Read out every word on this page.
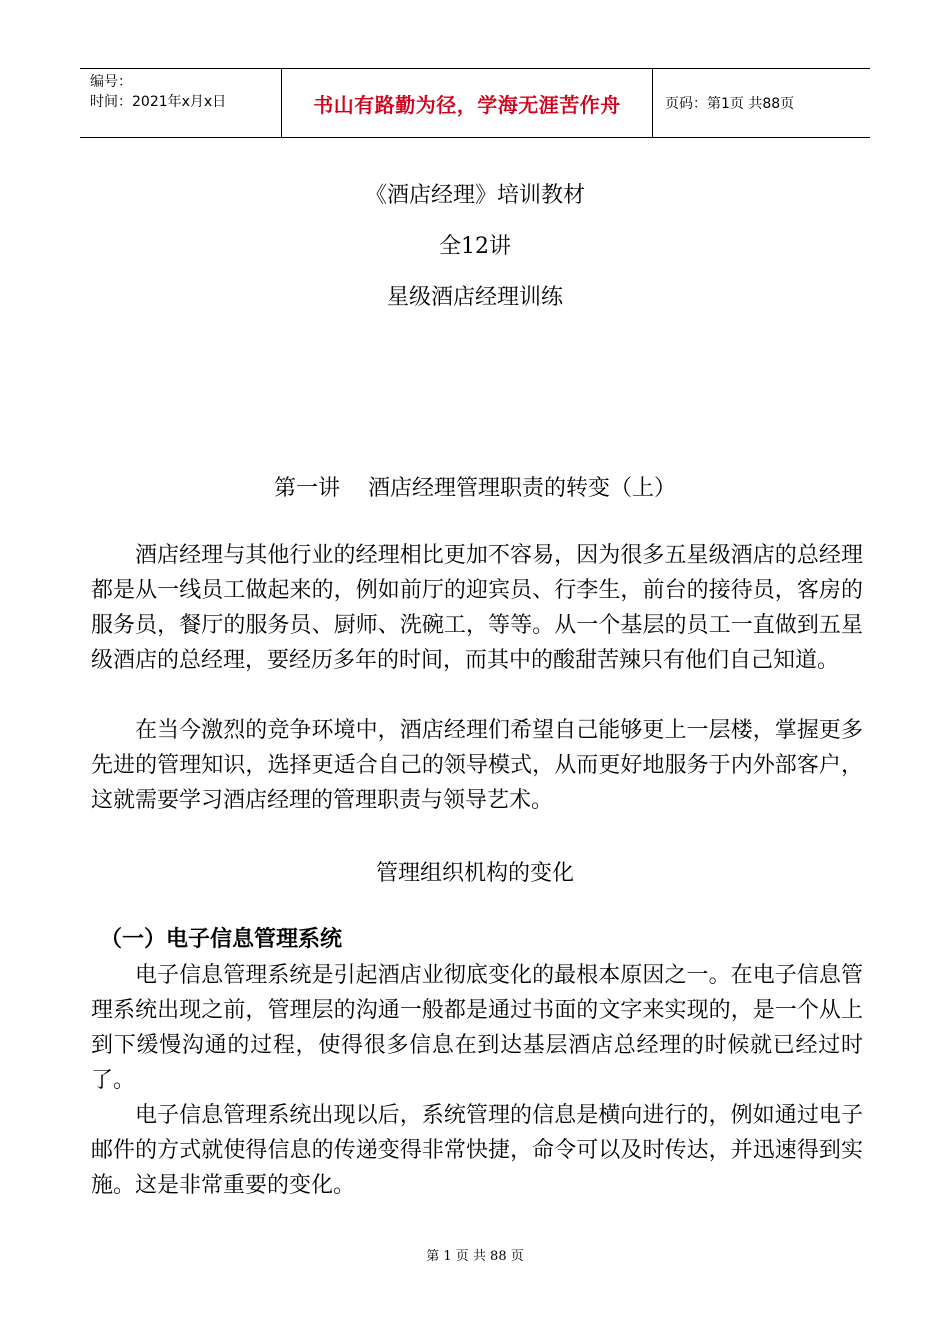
编号：
时间：2021年x月x日	书山有路勤为径，学海无涯苦作舟	页码：第1页 共88页
《酒店经理》培训教材
全12讲
星级酒店经理训练
第一讲    酒店经理管理职责的转变（上）

酒店经理与其他行业的经理相比更加不容易，因为很多五星级酒店的总经理都是从一线员工做起来的，例如前厅的迎宾员、行李生，前台的接待员，客房的服务员，餐厅的服务员、厨师、洗碗工，等等。从一个基层的员工一直做到五星级酒店的总经理，要经历多年的时间，而其中的酸甜苦辣只有他们自己知道。

在当今激烈的竞争环境中，酒店经理们希望自己能够更上一层楼，掌握更多先进的管理知识，选择更适合自己的领导模式，从而更好地服务于内外部客户，这就需要学习酒店经理的管理职责与领导艺术。

管理组织机构的变化
（一）电子信息管理系统

电子信息管理系统是引起酒店业彻底变化的最根本原因之一。在电子信息管理系统出现之前，管理层的沟通一般都是通过书面的文字来实现的，是一个从上到下缓慢沟通的过程，使得很多信息在到达基层酒店总经理的时候就已经过时了。

电子信息管理系统出现以后，系统管理的信息是横向进行的，例如通过电子邮件的方式就使得信息的传递变得非常快捷，命令可以及时传达，并迅速得到实施。这是非常重要的变化。

第 1 页 共 88 页
